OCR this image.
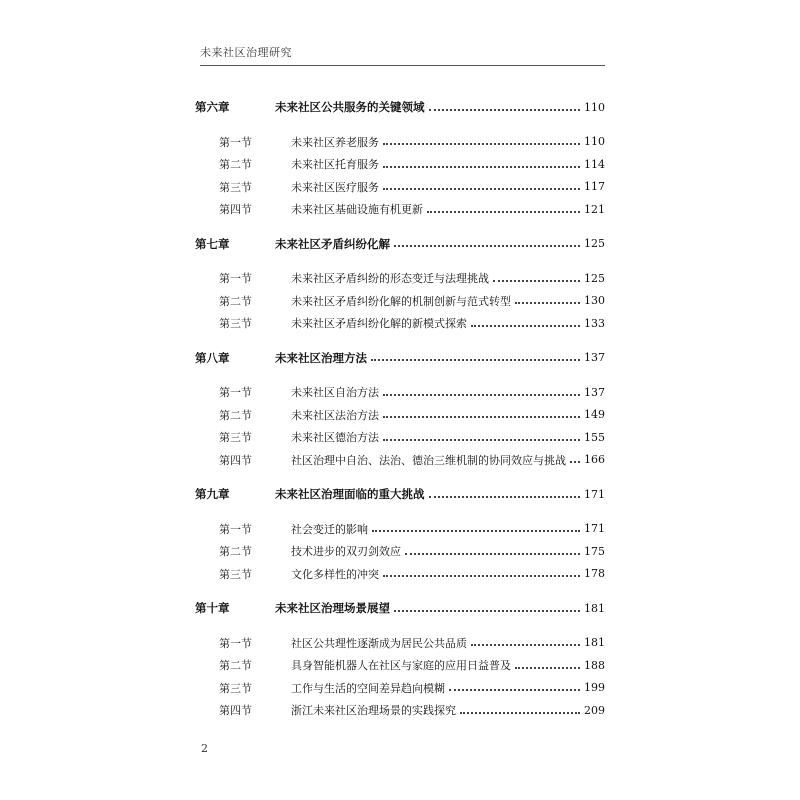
未来社区治理研究
第六章	未来社区公共服务的关键领域	110
第一节	未来社区养老服务	110
第二节	未来社区托育服务	114
第三节	未来社区医疗服务	117
第四节	未来社区基础设施有机更新	121
第七章	未来社区矛盾纠纷化解	125
第一节	未来社区矛盾纠纷的形态变迁与法理挑战	125
第二节	未来社区矛盾纠纷化解的机制创新与范式转型	130
第三节	未来社区矛盾纠纷化解的新模式探索	133
第八章	未来社区治理方法	137
第一节	未来社区自治方法	137
第二节	未来社区法治方法	149
第三节	未来社区德治方法	155
第四节	社区治理中自治、法治、德治三维机制的协同效应与挑战 166
第九章	未来社区治理面临的重大挑战	171
第一节	社会变迁的影响	171
第二节	技术进步的双刃剑效应	175
第三节	文化多样性的冲突	178
第十章	未来社区治理场景展望	181
第一节	社区公共理性逐渐成为居民公共品质	181
第二节	具身智能机器人在社区与家庭的应用日益普及	188
第三节	工作与生活的空间差异趋向模糊	199
第四节	浙江未来社区治理场景的实践探究	209
2
